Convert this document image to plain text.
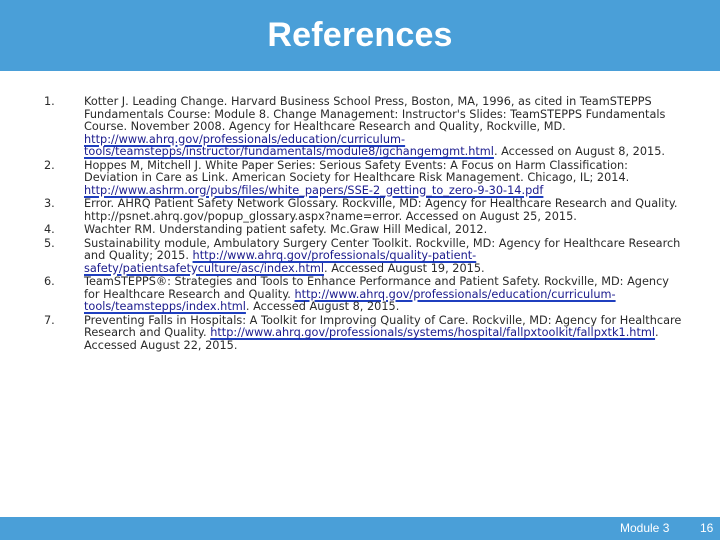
References
1.	Kotter J. Leading Change. Harvard Business School Press, Boston, MA, 1996, as cited in TeamSTEPPS Fundamentals Course: Module 8. Change Management: Instructor's Slides: TeamSTEPPS Fundamentals Course. November 2008. Agency for Healthcare Research and Quality, Rockville, MD. http://www.ahrq.gov/professionals/education/curriculum-tools/teamstepps/instructor/fundamentals/module8/igchangemgmt.html. Accessed on August 8, 2015.
2.	Hoppes M, Mitchell J. White Paper Series: Serious Safety Events: A Focus on Harm Classification: Deviation in Care as Link. American Society for Healthcare Risk Management. Chicago, IL; 2014. http://www.ashrm.org/pubs/files/white_papers/SSE-2_getting_to_zero-9-30-14.pdf
3.	Error. AHRQ Patient Safety Network Glossary. Rockville, MD: Agency for Healthcare Research and Quality. http://psnet.ahrq.gov/popup_glossary.aspx?name=error. Accessed on August 25, 2015.
4.	Wachter RM. Understanding patient safety. Mc.Graw Hill Medical, 2012.
5.	Sustainability module, Ambulatory Surgery Center Toolkit. Rockville, MD: Agency for Healthcare Research and Quality; 2015. http://www.ahrq.gov/professionals/quality-patient-safety/patientsafetyculture/asc/index.html. Accessed August 19, 2015.
6.	TeamSTEPPS®: Strategies and Tools to Enhance Performance and Patient Safety. Rockville, MD: Agency for Healthcare Research and Quality. http://www.ahrq.gov/professionals/education/curriculum-tools/teamstepps/index.html. Accessed August 8, 2015.
7.	Preventing Falls in Hospitals: A Toolkit for Improving Quality of Care. Rockville, MD: Agency for Healthcare Research and Quality. http://www.ahrq.gov/professionals/systems/hospital/fallpxtoolkit/fallpxtk1.html. Accessed August 22, 2015.
Module 3	16
